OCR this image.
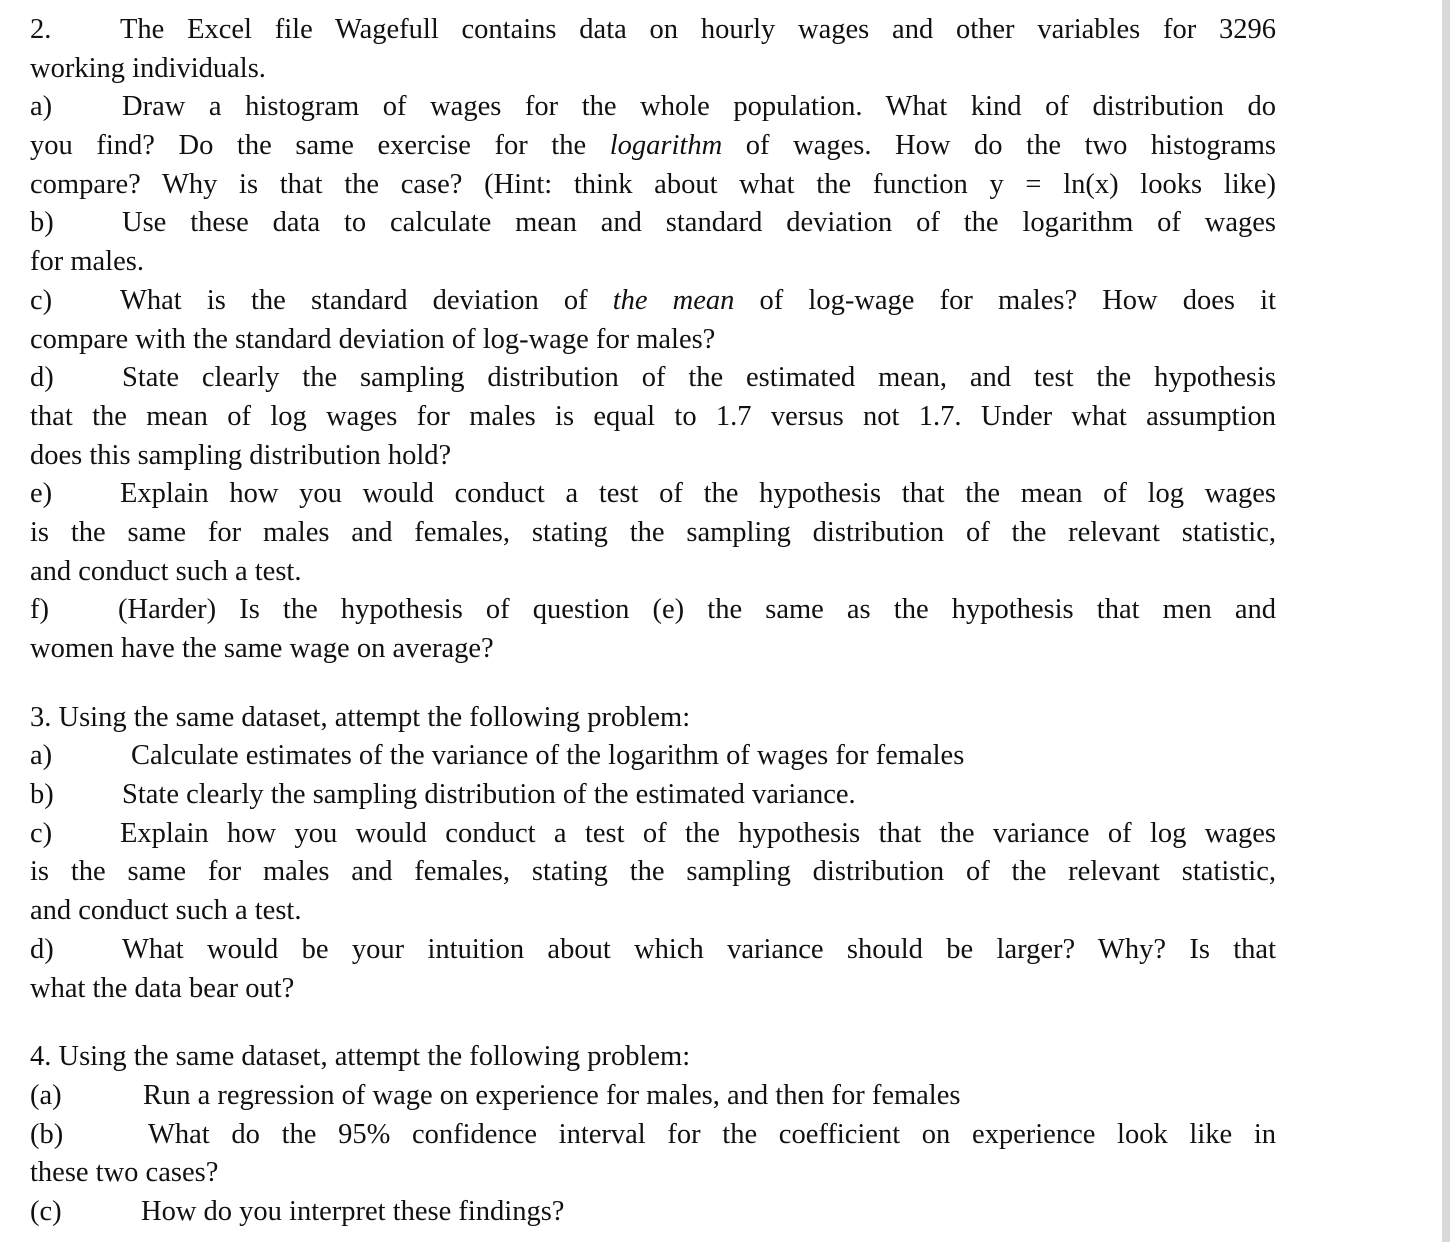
2.	The Excel file Wagefull contains data on hourly wages and other variables for 3296
working individuals.
a)	Draw a histogram of wages for the whole population. What kind of distribution do
you find? Do the same exercise for the logarithm of wages. How do the two histograms
compare? Why is that the case? (Hint: think about what the function y = ln(x) looks like)
b)	Use these data to calculate mean and standard deviation of the logarithm of wages
for males.
c)	What is the standard deviation of the mean of log-wage for males? How does it
compare with the standard deviation of log-wage for males?
d)	State clearly the sampling distribution of the estimated mean, and test the hypothesis
that the mean of log wages for males is equal to 1.7 versus not 1.7. Under what assumption
does this sampling distribution hold?
e)	Explain how you would conduct a test of the hypothesis that the mean of log wages
is the same for males and females, stating the sampling distribution of the relevant statistic,
and conduct such a test.
f)	(Harder) Is the hypothesis of question (e) the same as the hypothesis that men and
women have the same wage on average?
3. Using the same dataset, attempt the following problem:
a)	Calculate estimates of the variance of the logarithm of wages for females
b)	State clearly the sampling distribution of the estimated variance.
c)	Explain how you would conduct a test of the hypothesis that the variance of log wages
is the same for males and females, stating the sampling distribution of the relevant statistic,
and conduct such a test.
d)	What would be your intuition about which variance should be larger? Why? Is that
what the data bear out?
4. Using the same dataset, attempt the following problem:
(a)	Run a regression of wage on experience for males, and then for females
(b)	What do the 95% confidence interval for the coefficient on experience look like in
these two cases?
(c)	How do you interpret these findings?
